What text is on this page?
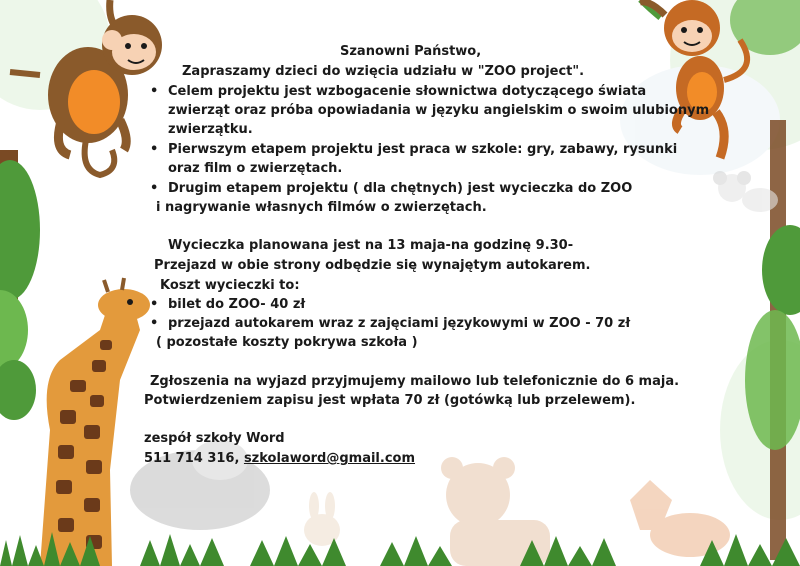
Szanowni Państwo,
Zapraszamy dzieci do wzięcia udziału w "ZOO project".
• Celem projektu jest wzbogacenie słownictwa dotyczącego świata
zwierząt oraz próba opowiadania w języku angielskim o swoim ulubionym
zwierzątku.
• Pierwszym etapem projektu jest praca w szkole: gry, zabawy, rysunki
oraz film o zwierzętach.
• Drugim etapem projektu ( dla chętnych) jest wycieczka do ZOO
i nagrywanie własnych filmów o zwierzętach.
Wycieczka planowana jest na 13 maja-na godzinę 9.30-
Przejazd w obie strony odbędzie się wynajętym autokarem.
Koszt wycieczki to:
• bilet do ZOO- 40 zł
• przejazd autokarem wraz z zajęciami językowymi w ZOO - 70 zł
( pozostałe koszty pokrywa szkoła )
Zgłoszenia na wyjazd przyjmujemy mailowo lub telefonicznie do 6 maja.
Potwierdzeniem zapisu jest wpłata 70 zł (gotówką lub przelewem).
zespół szkoły Word
511 714 316, szkolaword@gmail.com
